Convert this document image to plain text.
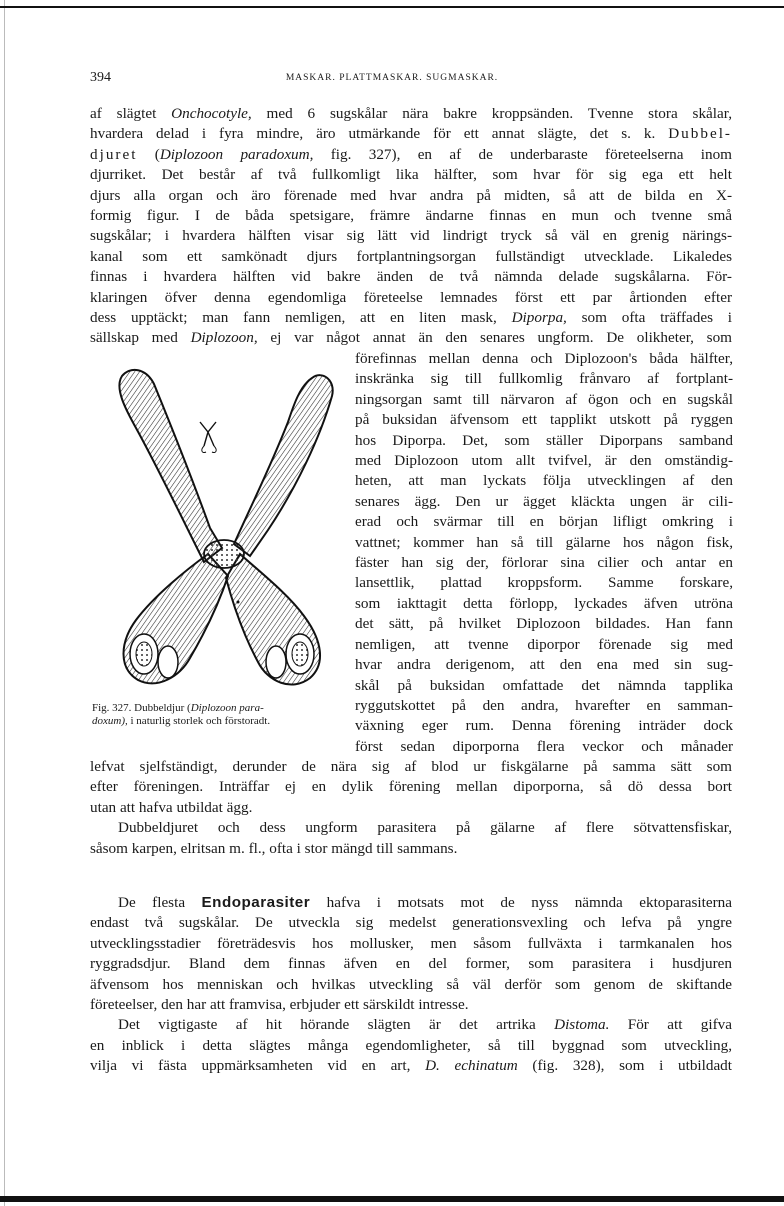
394	MASKAR. PLATTMASKAR. SUGMASKAR.
af slägtet Onchocotyle, med 6 sugskålar nära bakre kroppsänden. Tvenne stora skålar,
hvardera delad i fyra mindre, äro utmärkande för ett annat slägte, det s. k. Dubbel-
djuret (Diplozoon paradoxum, fig. 327), en af de underbaraste företeelserna inom
djurriket. Det består af två fullkomligt lika hälfter, som hvar för sig ega ett helt
djurs alla organ och äro förenade med hvar andra på midten, så att de bilda en X-
formig figur. I de båda spetsigare, främre ändarne finnas en mun och tvenne små
sugskålar; i hvardera hälften visar sig lätt vid lindrigt tryck så väl en grenig närings-
kanal som ett samkönadt djurs fortplantningsorgan fullständigt utvecklade. Likaledes
finnas i hvardera hälften vid bakre änden de två nämnda delade sugskålarna. För-
klaringen öfver denna egendomliga företeelse lemnades först ett par årtionden efter
dess upptäckt; man fann nemligen, att en liten mask, Diporpa, som ofta träffades i
sällskap med Diplozoon, ej var något annat än den senares ungform. De olikheter, som
Fig. 327. Dubbeldjur (Diplozoon para-
doxum), i naturlig storlek och förstoradt.
förefinnas mellan denna och Diplozoon's båda hälfter,
inskränka sig till fullkomlig frånvaro af fortplant-
ningsorgan samt till närvaron af ögon och en sugskål
på buksidan äfvensom ett tapplikt utskott på ryggen
hos Diporpa. Det, som ställer Diporpans samband
med Diplozoon utom allt tvifvel, är den omständig-
heten, att man lyckats följa utvecklingen af den
senares ägg. Den ur ägget kläckta ungen är cili-
erad och svärmar till en början lifligt omkring i
vattnet; kommer han så till gälarne hos någon fisk,
fäster han sig der, förlorar sina cilier och antar en
lansettlik, plattad kroppsform. Samme forskare,
som iakttagit detta förlopp, lyckades äfven utröna
det sätt, på hvilket Diplozoon bildades. Han fann
nemligen, att tvenne diporpor förenade sig med
hvar andra derigenom, att den ena med sin sug-
skål på buksidan omfattade det nämnda tapplika
ryggutskottet på den andra, hvarefter en samman-
växning eger rum. Denna förening inträder dock
först sedan diporporna flera veckor och månader
lefvat sjelfständigt, derunder de nära sig af blod ur fiskgälarne på samma sätt som
efter föreningen. Inträffar ej en dylik förening mellan diporporna, så dö dessa bort
utan att hafva utbildat ägg.
Dubbeldjuret och dess ungform parasitera på gälarne af flere sötvattensfiskar,
såsom karpen, elritsan m. fl., ofta i stor mängd till sammans.
De flesta Endoparasiter hafva i motsats mot de nyss nämnda ektoparasiterna
endast två sugskålar. De utveckla sig medelst generationsvexling och lefva på yngre
utvecklingsstadier företrädesvis hos mollusker, men såsom fullväxta i tarmkanalen hos
ryggradsdjur. Bland dem finnas äfven en del former, som parasitera i husdjuren
äfvensom hos menniskan och hvilkas utveckling så väl derför som genom de skiftande
företeelser, den har att framvisa, erbjuder ett särskildt intresse.
Det vigtigaste af hit hörande slägten är det artrika Distoma. För att gifva
en inblick i detta slägtes många egendomligheter, så till byggnad som utveckling,
vilja vi fästa uppmärksamheten vid en art, D. echinatum (fig. 328), som i utbildadt
